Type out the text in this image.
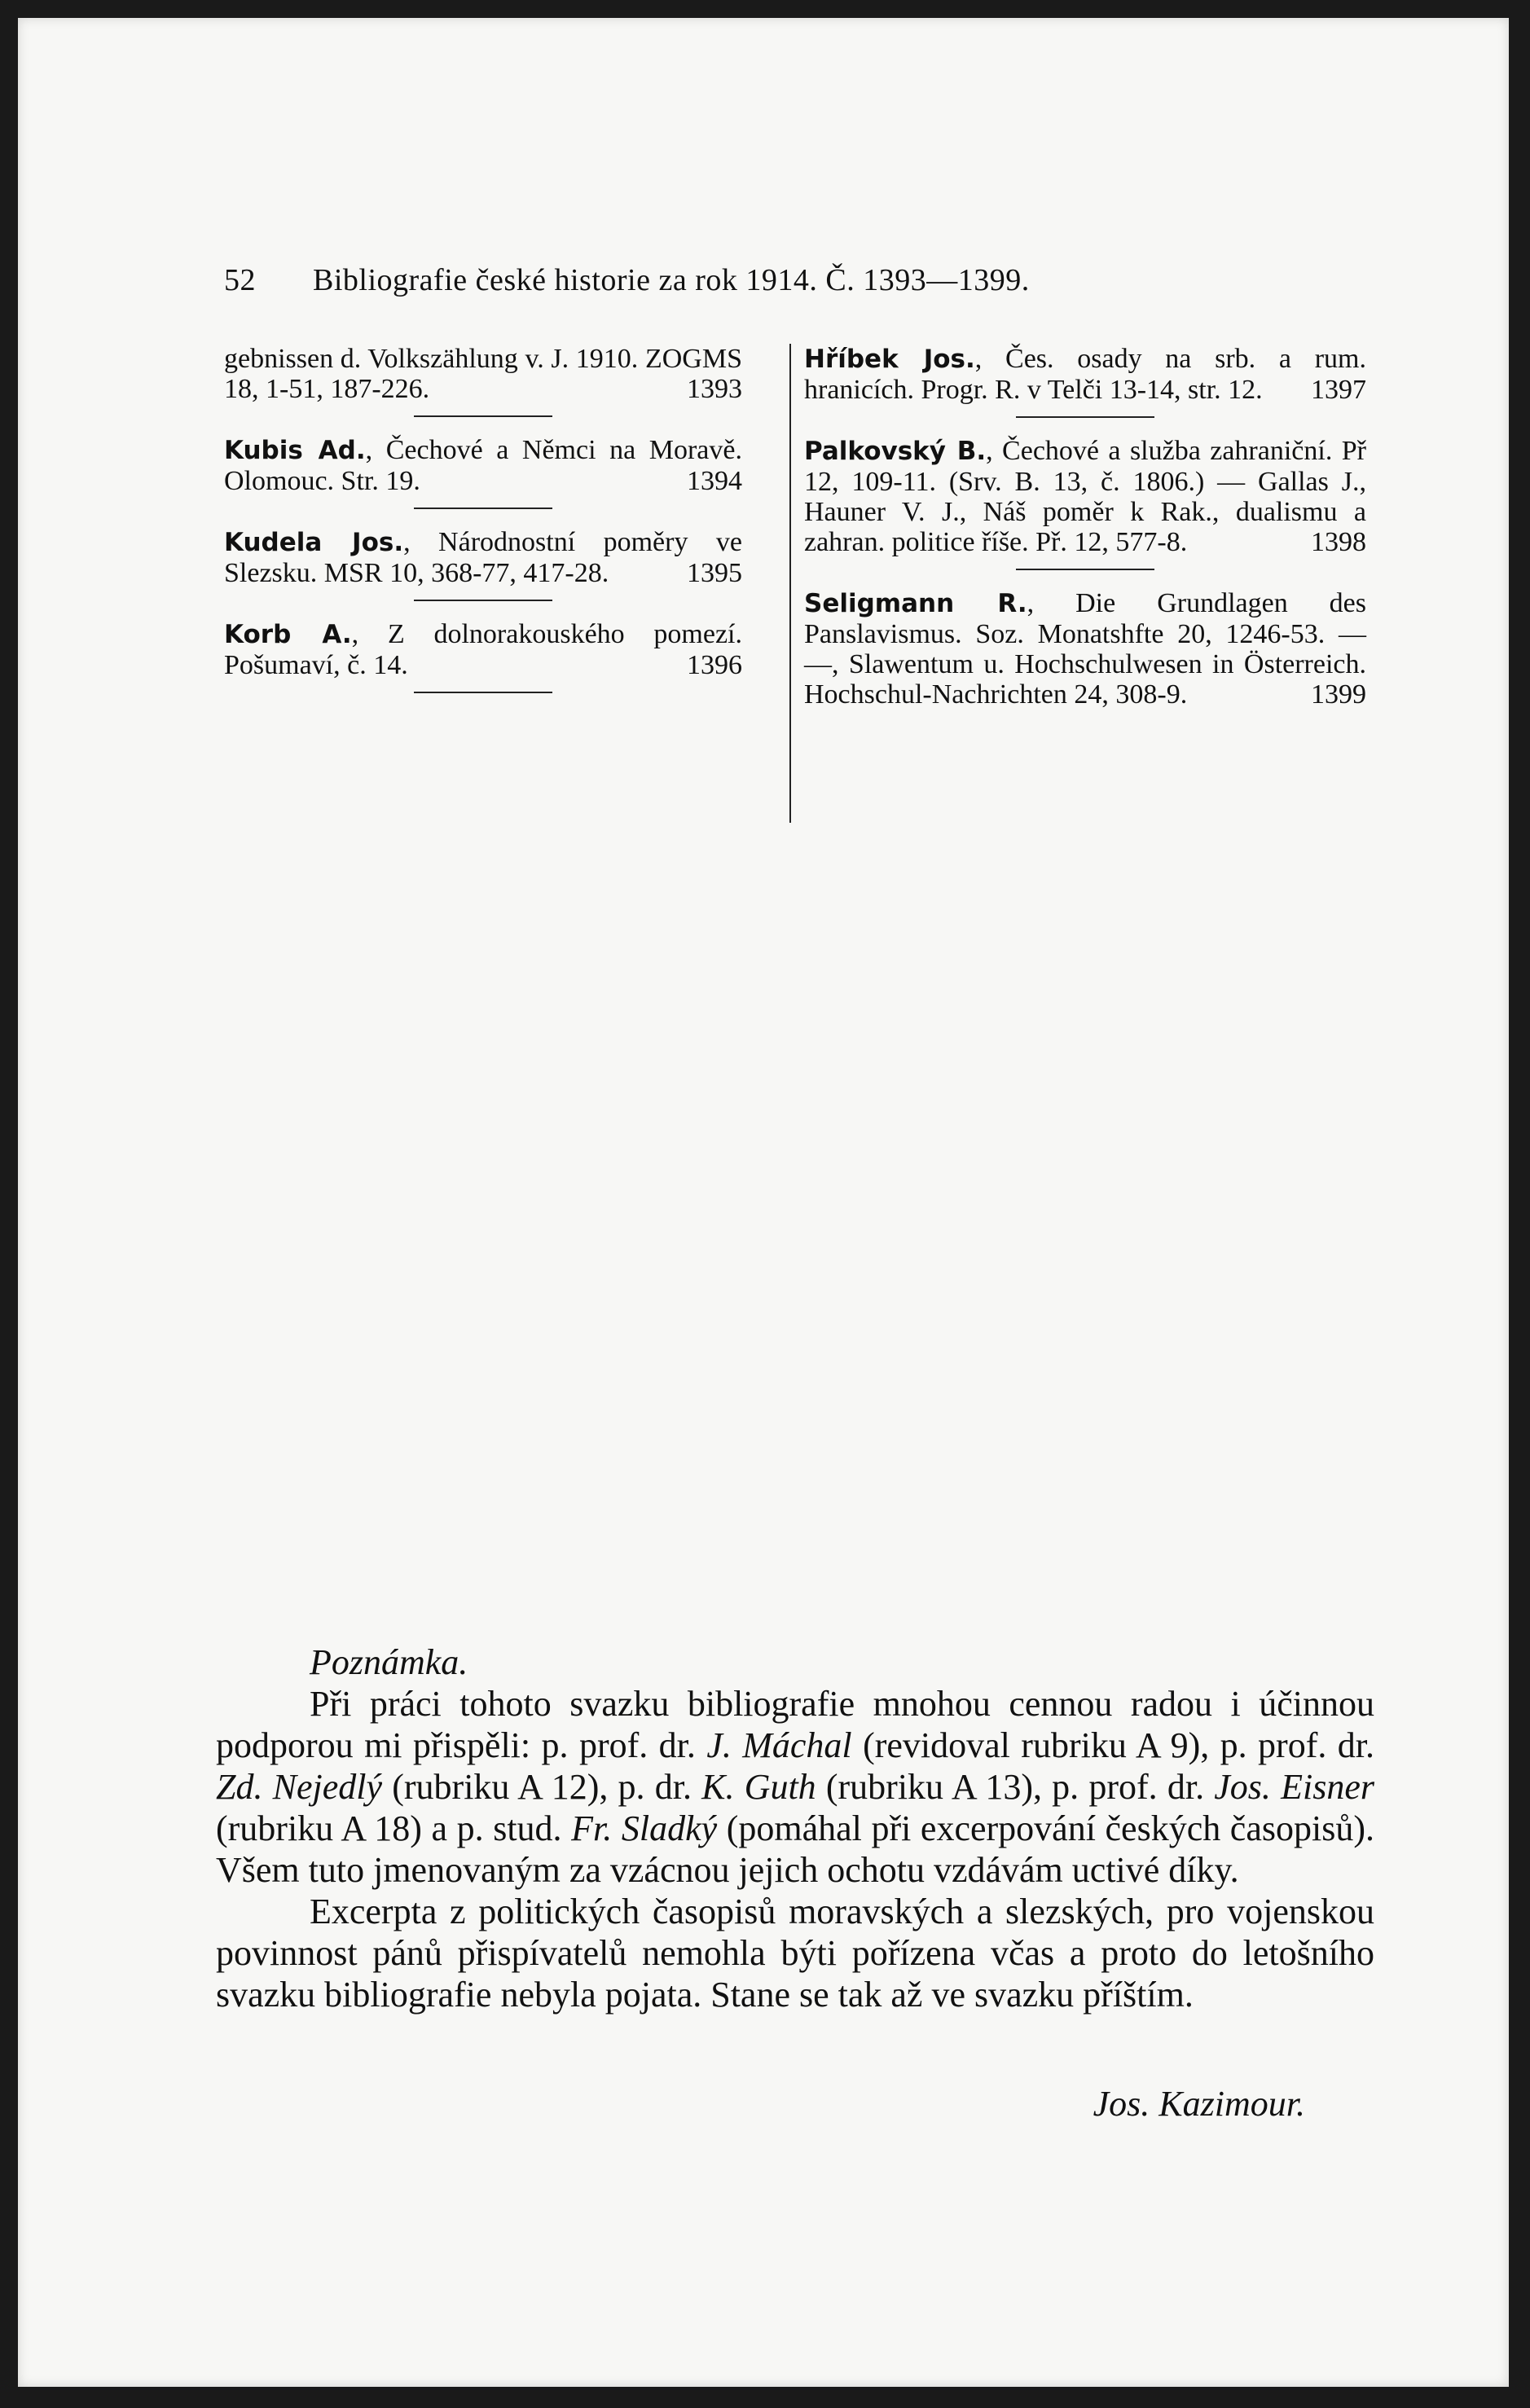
52 Bibliografie české historie za rok 1914. Č. 1393—1399.
gebnissen d. Volkszählung v. J. 1910. ZOGMS 18, 1-51, 187-226.	1393
Kubis Ad., Čechové a Němci na Moravě. Olomouc. Str. 19.	1394
Kudela Jos., Národnostní poměry ve Slezsku. MSR 10, 368-77, 417-28.	1395
Korb A., Z dolnorakouského pomezí. Pošumaví, č. 14.	1396
Hříbek Jos., Čes. osady na srb. a rum. hranicích. Progr. R. v Telči 13-14, str. 12. 1397
Palkovský B., Čechové a služba zahraniční. Př 12, 109-11. (Srv. B. 13, č. 1806.) — Gallas J., Hauner V. J., Náš poměr k Rak., dualismu a zahran. politice říše. Př. 12, 577-8.	1398
Seligmann R., Die Grundlagen des Panslavismus. Soz. Monatshfte 20, 1246-53. — —, Slawentum u. Hochschulwesen in Österreich. Hochschul-Nachrichten 24, 308-9.	1399

Poznámka.

Při práci tohoto svazku bibliografie mnohou cennou radou i účinnou podporou mi přispěli: p. prof. dr. J. Máchal (revidoval rubriku A 9), p. prof. dr. Zd. Nejedlý (rubriku A 12), p. dr. K. Guth (rubriku A 13), p. prof. dr. Jos. Eisner (rubriku A 18) a p. stud. Fr. Sladký (pomáhal při excerpování českých časopisů). Všem tuto jmenovaným za vzácnou jejich ochotu vzdávám uctivé díky.

Excerpta z politických časopisů moravských a slezských, pro vojenskou povinnost pánů přispívatelů nemohla býti pořízena včas a proto do letošního svazku bibliografie nebyla pojata. Stane se tak až ve svazku příštím.

Jos. Kazimour.
